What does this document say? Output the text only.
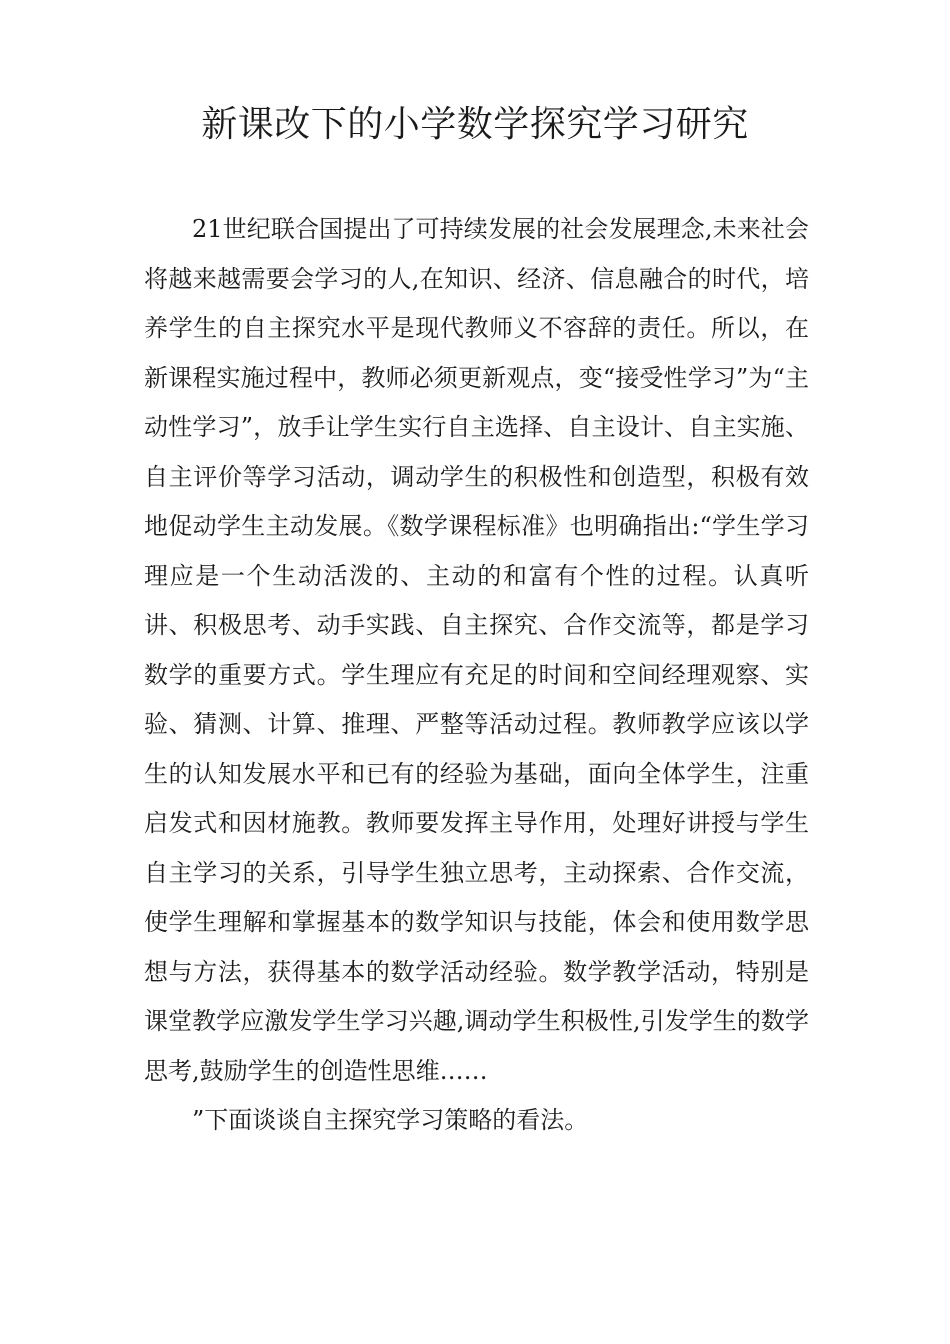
新课改下的小学数学探究学习研究

21世纪联合国提出了可持续发展的社会发展理念,未来社会将越来越需要会学习的人,在知识、经济、信息融合的时代，培养学生的自主探究水平是现代教师义不容辞的责任。所以，在新课程实施过程中，教师必须更新观点，变“接受性学习”为“主动性学习”，放手让学生实行自主选择、自主设计、自主实施、自主评价等学习活动，调动学生的积极性和创造型，积极有效地促动学生主动发展。《数学课程标准》也明确指出:“学生学习理应是一个生动活泼的、主动的和富有个性的过程。认真听讲、积极思考、动手实践、自主探究、合作交流等，都是学习数学的重要方式。学生理应有充足的时间和空间经理观察、实验、猜测、计算、推理、严整等活动过程。教师教学应该以学生的认知发展水平和已有的经验为基础，面向全体学生，注重启发式和因材施教。教师要发挥主导作用，处理好讲授与学生自主学习的关系，引导学生独立思考，主动探索、合作交流，使学生理解和掌握基本的数学知识与技能，体会和使用数学思想与方法，获得基本的数学活动经验。数学教学活动，特别是课堂教学应激发学生学习兴趣,调动学生积极性,引发学生的数学思考,鼓励学生的创造性思维……

”下面谈谈自主探究学习策略的看法。
